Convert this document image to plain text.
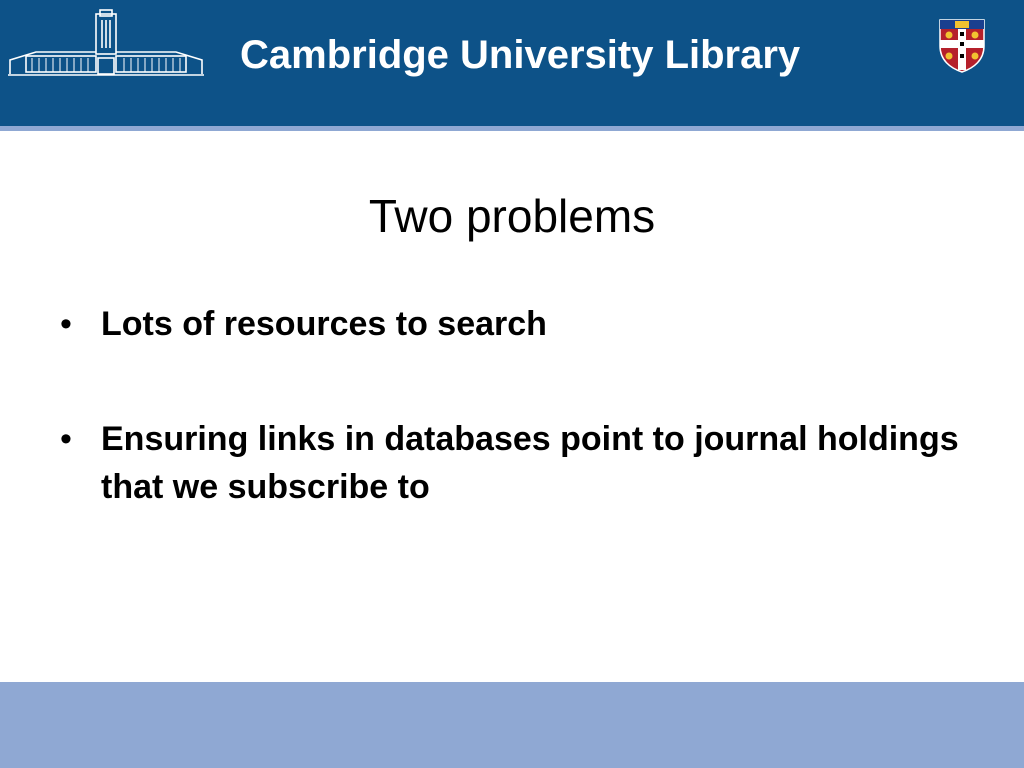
Cambridge University Library
Two problems
• Lots of resources to search
• Ensuring links in databases point to journal holdings that we subscribe to
